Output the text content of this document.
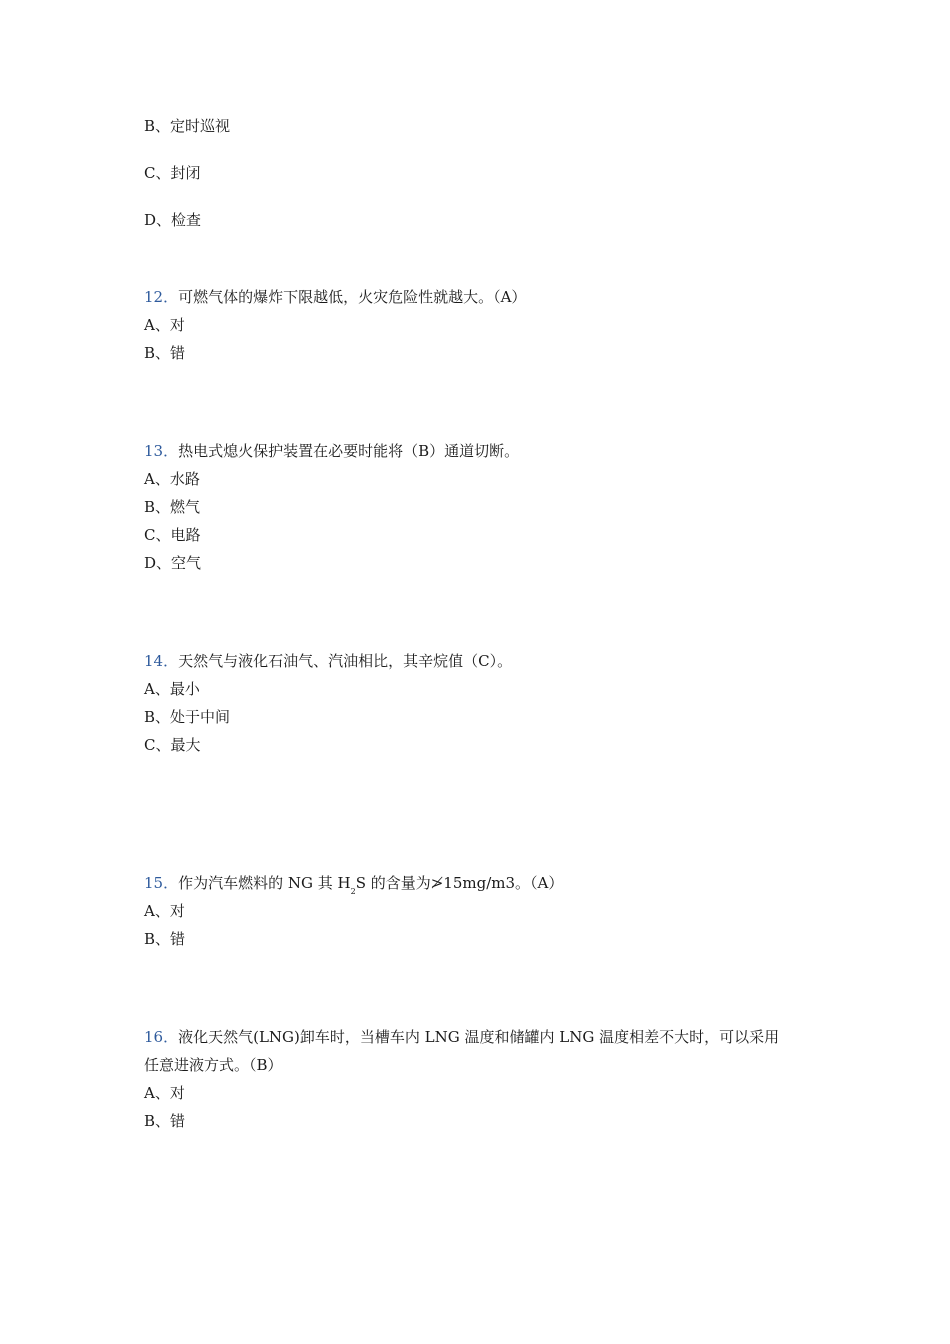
B、定时巡视
C、封闭
D、检查
12．可燃气体的爆炸下限越低，火灾危险性就越大。（A）
A、对
B、错
13．热电式熄火保护装置在必要时能将（B）通道切断。
A、水路
B、燃气
C、电路
D、空气
14．天然气与液化石油气、汽油相比，其辛烷值（C）。
A、最小
B、处于中间
C、最大
15．作为汽车燃料的 NG 其 $H_2S$ 的含量为≯15mg/m3。（A）
A、对
B、错
16．液化天然气(LNG)卸车时，当槽车内 LNG 温度和储罐内 LNG 温度相差不大时，可以采用
任意进液方式。（B）
A、对
B、错
